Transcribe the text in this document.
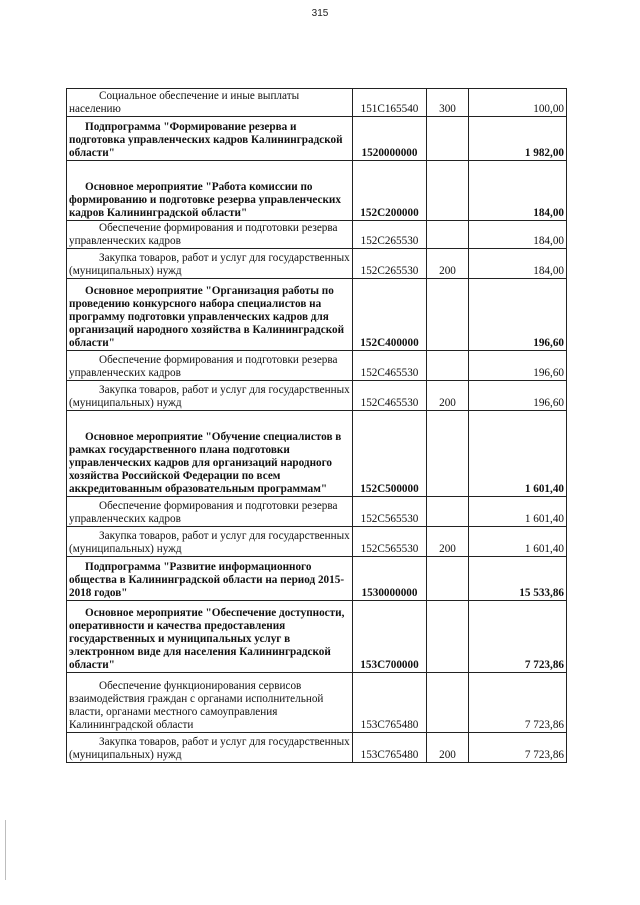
315
Социальное обеспечение и иные выплаты населению	151С165540	300	100,00

Подпрограмма "Формирование резерва и подготовка управленческих кадров Калининградской области"	1520000000		1 982,00

Основное мероприятие "Работа комиссии по формированию и подготовке резерва управленческих кадров Калининградской области"	152С200000		184,00

Обеспечение формирования и подготовки резерва управленческих кадров	152С265530		184,00

Закупка товаров, работ и услуг для государственных (муниципальных) нужд	152С265530	200	184,00

Основное мероприятие "Организация работы по проведению конкурсного набора специалистов на программу подготовки управленческих кадров для организаций народного хозяйства в Калининградской области"	152С400000		196,60

Обеспечение формирования и подготовки резерва управленческих кадров	152С465530		196,60

Закупка товаров, работ и услуг для государственных (муниципальных) нужд	152С465530	200	196,60

Основное мероприятие "Обучение специалистов в рамках государственного плана подготовки управленческих кадров для организаций народного хозяйства Российской Федерации по всем аккредитованным образовательным программам"	152С500000		1 601,40

Обеспечение формирования и подготовки резерва управленческих кадров	152С565530		1 601,40

Закупка товаров, работ и услуг для государственных (муниципальных) нужд	152С565530	200	1 601,40

Подпрограмма "Развитие информационного общества в Калининградской области на период 2015-2018 годов"	1530000000		15 533,86

Основное мероприятие "Обеспечение доступности, оперативности и качества предоставления государственных и муниципальных услуг в электронном виде для населения Калининградской области"	153С700000		7 723,86

Обеспечение функционирования сервисов взаимодействия граждан с органами исполнительной власти, органами местного самоуправления Калининградской области	153С765480		7 723,86

Закупка товаров, работ и услуг для государственных (муниципальных) нужд	153С765480	200	7 723,86
